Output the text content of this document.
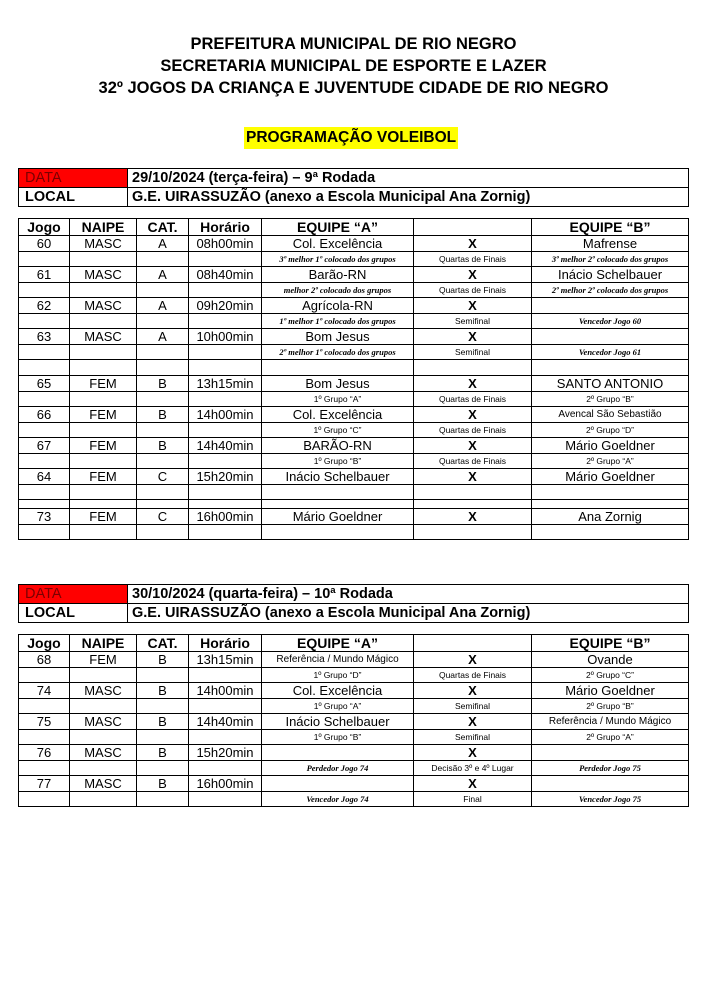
PREFEITURA MUNICIPAL DE RIO NEGRO
SECRETARIA MUNICIPAL DE ESPORTE E LAZER
32º JOGOS DA CRIANÇA E JUVENTUDE CIDADE DE RIO NEGRO
PROGRAMAÇÃO VOLEIBOL
DATA	29/10/2024 (terça-feira) – 9ª Rodada
LOCAL	G.E. UIRASSUZÃO (anexo a Escola Municipal Ana Zornig)
Jogo	NAIPE	CAT.	Horário	EQUIPE “A”		EQUIPE “B”
60	MASC	A	08h00min	Col. Excelência	X	Mafrense
				3º melhor 1º colocado dos grupos	Quartas de Finais	3º melhor 2º colocado dos grupos
61	MASC	A	08h40min	Barão-RN	X	Inácio Schelbauer
				melhor 2º colocado dos grupos	Quartas de Finais	2º melhor 2º colocado dos grupos
62	MASC	A	09h20min	Agrícola-RN	X	
				1º melhor 1º colocado dos grupos	Semifinal	Vencedor Jogo 60
63	MASC	A	10h00min	Bom Jesus	X	
				2º melhor 1º colocado dos grupos	Semifinal	Vencedor Jogo 61

65	FEM	B	13h15min	Bom Jesus	X	SANTO ANTONIO
				1º Grupo “A”	Quartas de Finais	2º Grupo “B”
66	FEM	B	14h00min	Col. Excelência	X	Avencal São Sebastião
				1º Grupo “C”	Quartas de Finais	2º Grupo “D”
67	FEM	B	14h40min	BARÃO-RN	X	Mário Goeldner
				1º Grupo “B”	Quartas de Finais	2º Grupo “A”
64	FEM	C	15h20min	Inácio Schelbauer	X	Mário Goeldner

73	FEM	C	16h00min	Mário Goeldner	X	Ana Zornig

DATA	30/10/2024 (quarta-feira) – 10ª Rodada
LOCAL	G.E. UIRASSUZÃO (anexo a Escola Municipal Ana Zornig)
Jogo	NAIPE	CAT.	Horário	EQUIPE “A”		EQUIPE “B”
68	FEM	B	13h15min	Referência / Mundo Mágico	X	Ovande
				1º Grupo “D”	Quartas de Finais	2º Grupo “C”
74	MASC	B	14h00min	Col. Excelência	X	Mário Goeldner
				1º Grupo “A”	Semifinal	2º Grupo “B”
75	MASC	B	14h40min	Inácio Schelbauer	X	Referência / Mundo Mágico
				1º Grupo “B”	Semifinal	2º Grupo “A”
76	MASC	B	15h20min		X	
				Perdedor Jogo 74	Decisão 3º e 4º Lugar	Perdedor Jogo 75
77	MASC	B	16h00min		X	
				Vencedor Jogo 74	Final	Vencedor Jogo 75
